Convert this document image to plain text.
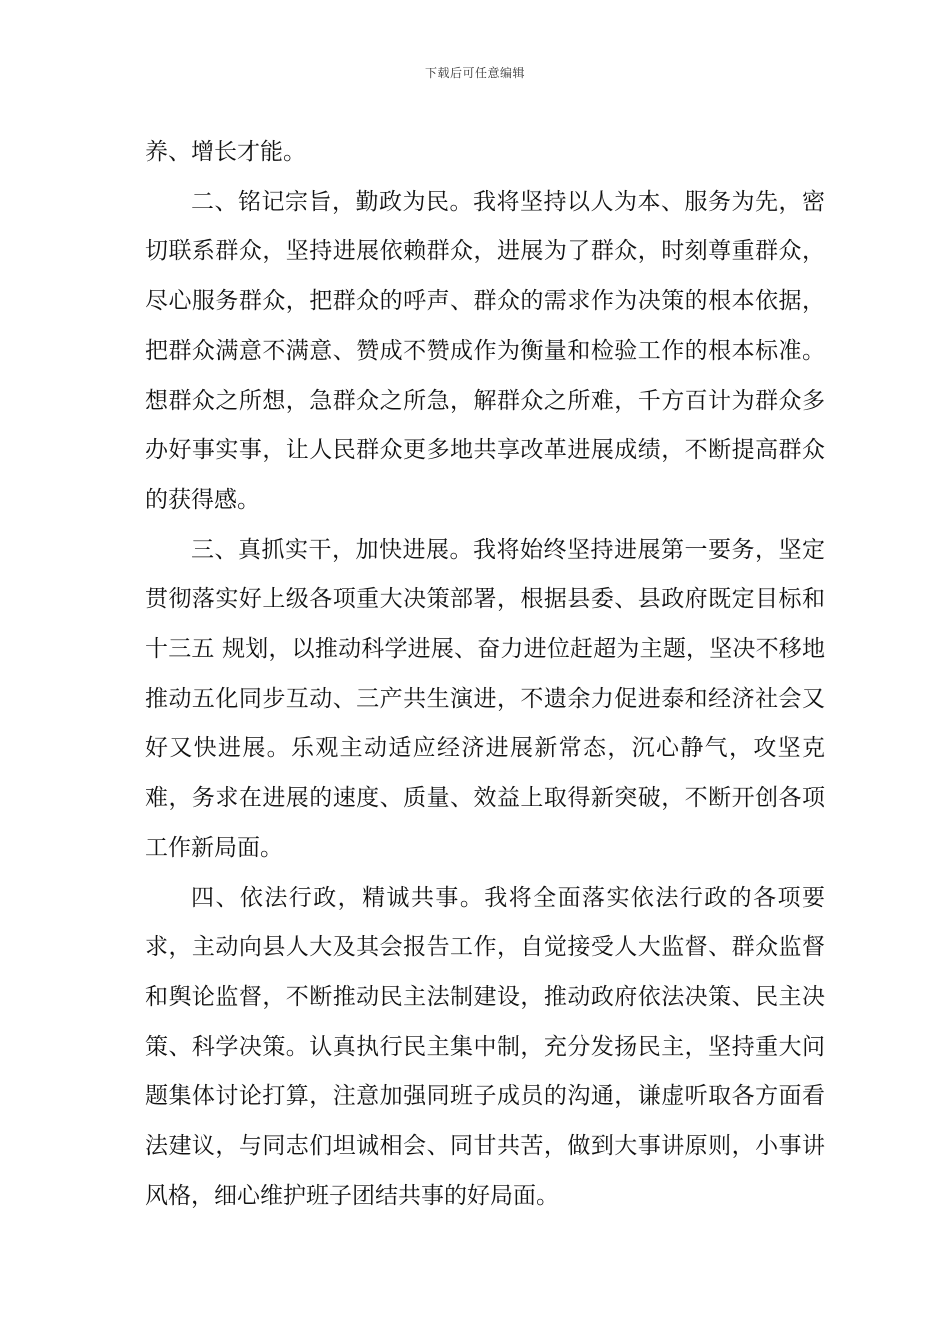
下载后可任意编辑

养、增长才能。

二、铭记宗旨，勤政为民。我将坚持以人为本、服务为先，密切联系群众，坚持进展依赖群众，进展为了群众，时刻尊重群众，尽心服务群众，把群众的呼声、群众的需求作为决策的根本依据，把群众满意不满意、赞成不赞成作为衡量和检验工作的根本标准。想群众之所想，急群众之所急，解群众之所难，千方百计为群众多办好事实事，让人民群众更多地共享改革进展成绩，不断提高群众的获得感。

三、真抓实干，加快进展。我将始终坚持进展第一要务，坚定贯彻落实好上级各项重大决策部署，根据县委、县政府既定目标和十三五 规划，以推动科学进展、奋力进位赶超为主题，坚决不移地推动五化同步互动、三产共生演进，不遗余力促进泰和经济社会又好又快进展。乐观主动适应经济进展新常态，沉心静气，攻坚克难，务求在进展的速度、质量、效益上取得新突破，不断开创各项工作新局面。

四、依法行政，精诚共事。我将全面落实依法行政的各项要求，主动向县人大及其会报告工作，自觉接受人大监督、群众监督和舆论监督，不断推动民主法制建设，推动政府依法决策、民主决策、科学决策。认真执行民主集中制，充分发扬民主，坚持重大问题集体讨论打算，注意加强同班子成员的沟通，谦虚听取各方面看法建议，与同志们坦诚相会、同甘共苦，做到大事讲原则，小事讲风格，细心维护班子团结共事的好局面。
